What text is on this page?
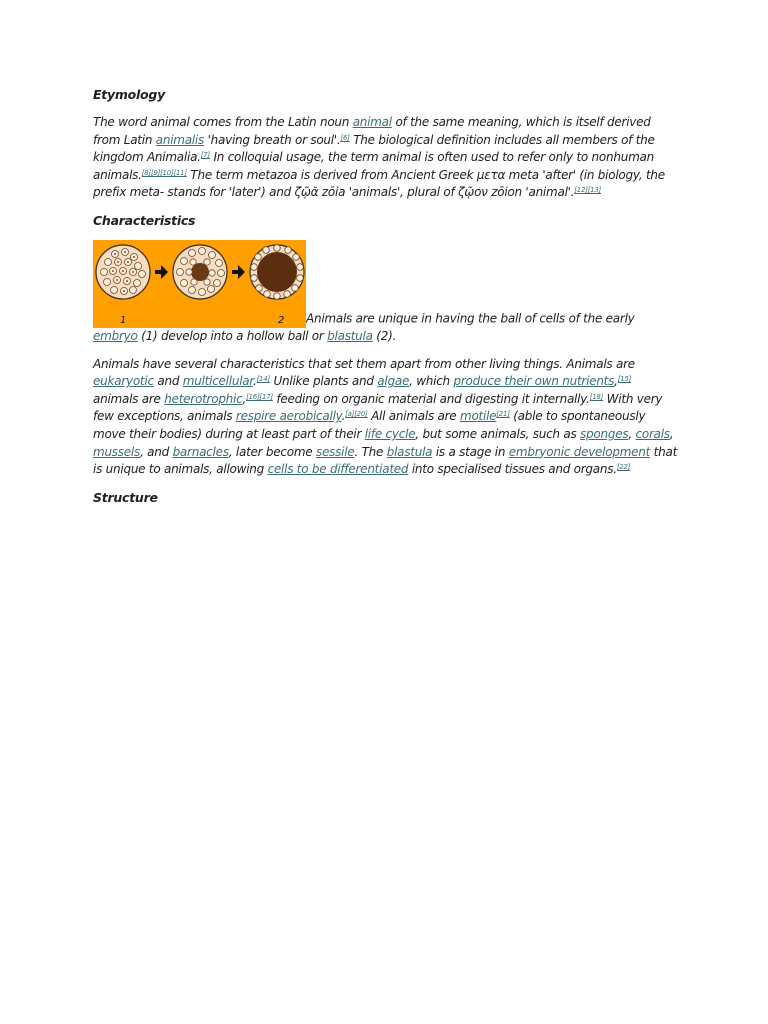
Etymology

The word animal comes from the Latin noun animal of the same meaning, which is itself derived from Latin animalis 'having breath or soul'.[6] The biological definition includes all members of the kingdom Animalia.[7] In colloquial usage, the term animal is often used to refer only to nonhuman animals.[8][9][10][11] The term metazoa is derived from Ancient Greek μετα meta 'after' (in biology, the prefix meta- stands for 'later') and ζῷᾰ zōia 'animals', plural of ζῷον zōion 'animal'.[12][13]

Characteristics

1	2 Animals are unique in having the ball of cells of the early embryo (1) develop into a hollow ball or blastula (2).

Animals have several characteristics that set them apart from other living things. Animals are eukaryotic and multicellular.[14] Unlike plants and algae, which produce their own nutrients,[15] animals are heterotrophic,[16][17] feeding on organic material and digesting it internally.[18] With very few exceptions, animals respire aerobically.[a][20] All animals are motile[21] (able to spontaneously move their bodies) during at least part of their life cycle, but some animals, such as sponges, corals, mussels, and barnacles, later become sessile. The blastula is a stage in embryonic development that is unique to animals, allowing cells to be differentiated into specialised tissues and organs.[22]

Structure
